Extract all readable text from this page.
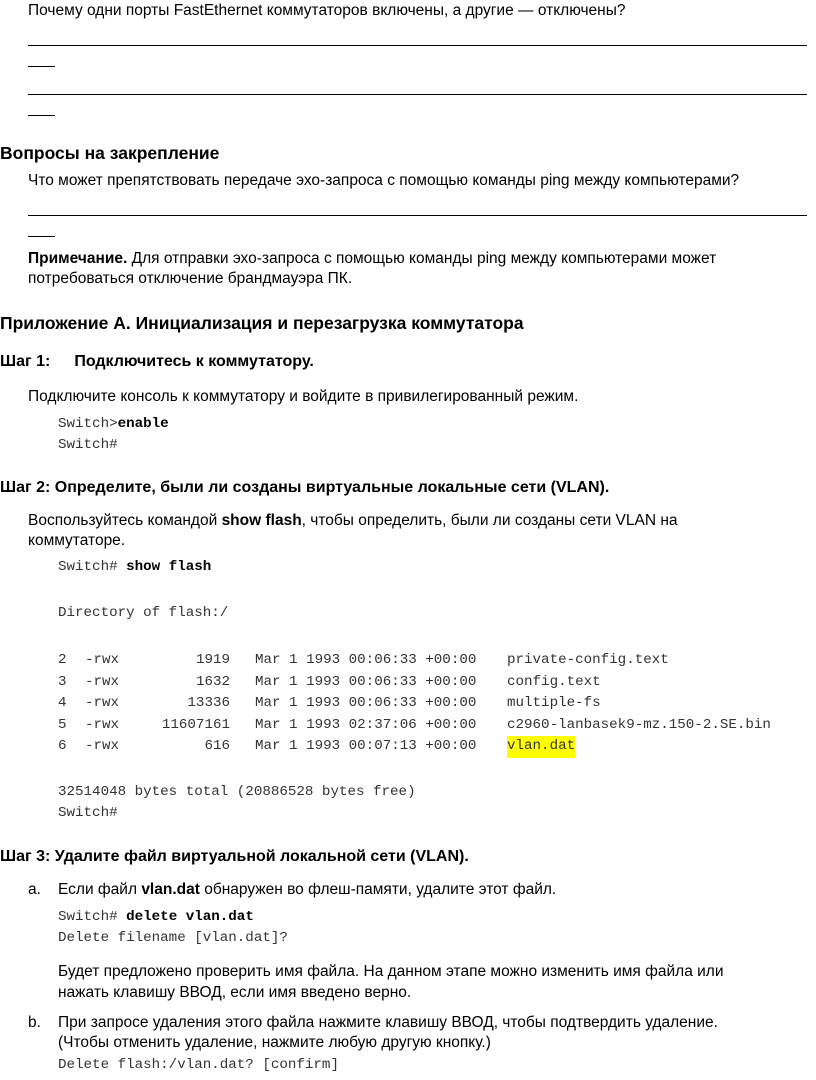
Почему одни порты FastEthernet коммутаторов включены, а другие — отключены?
Вопросы на закрепление
Что может препятствовать передаче эхо-запроса с помощью команды ping между компьютерами?
Примечание. Для отправки эхо-запроса с помощью команды ping между компьютерами может
потребоваться отключение брандмауэра ПК.
Приложение А. Инициализация и перезагрузка коммутатора
Шаг 1: Подключитесь к коммутатору.
Подключите консоль к коммутатору и войдите в привилегированный режим.
Switch>enable
Switch#
Шаг 2: Определите, были ли созданы виртуальные локальные сети (VLAN).
Воспользуйтесь командой show flash, чтобы определить, были ли созданы сети VLAN на
коммутаторе.
Switch# show flash
Directory of flash:/
2 -rwx	1919 Mar 1 1993 00:06:33 +00:00 private-config.text
3 -rwx	1632 Mar 1 1993 00:06:33 +00:00 config.text
4 -rwx	13336 Mar 1 1993 00:06:33 +00:00 multiple-fs
5 -rwx	11607161 Mar 1 1993 02:37:06 +00:00 c2960-lanbasek9-mz.150-2.SE.bin
6 -rwx	616 Mar 1 1993 00:07:13 +00:00 vlan.dat
32514048 bytes total (20886528 bytes free)
Switch#
Шаг 3: Удалите файл виртуальной локальной сети (VLAN).
a. Если файл vlan.dat обнаружен во флеш-памяти, удалите этот файл.
Switch# delete vlan.dat
Delete filename [vlan.dat]?
Будет предложено проверить имя файла. На данном этапе можно изменить имя файла или
нажать клавишу ВВОД, если имя введено верно.
b. При запросе удаления этого файла нажмите клавишу ВВОД, чтобы подтвердить удаление.
(Чтобы отменить удаление, нажмите любую другую кнопку.)
Delete flash:/vlan.dat? [confirm]
